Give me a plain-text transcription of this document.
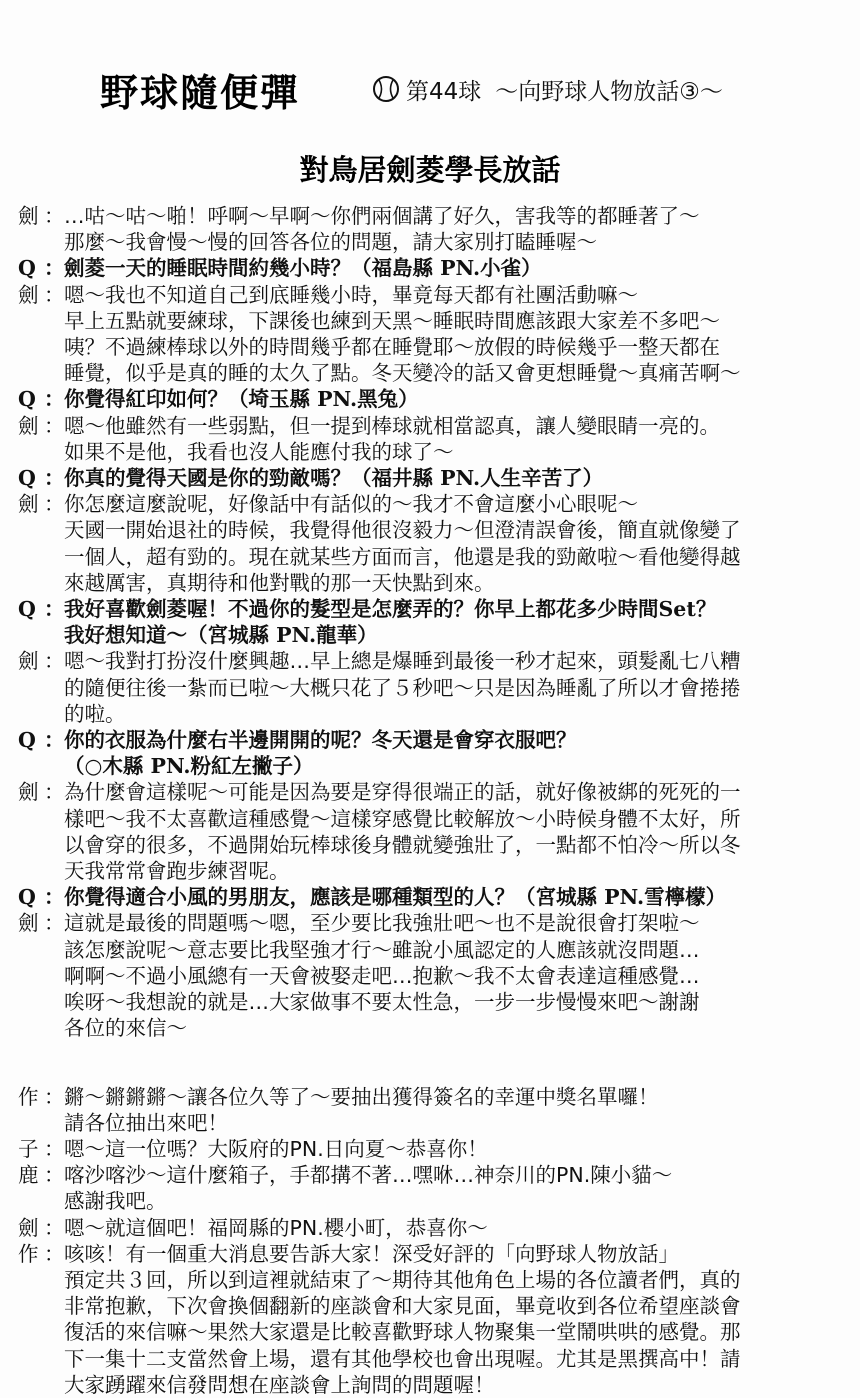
野球隨便彈	第44球 ～向野球人物放話③～
對鳥居劍菱學長放話
劍 ： …咕～咕～啪！呼啊～早啊～你們兩個講了好久，害我等的都睡著了～
那麼～我會慢～慢的回答各位的問題，請大家別打瞌睡喔～
Q ： 劍菱一天的睡眠時間約幾小時？（福島縣 PN.小雀）
劍 ： 嗯～我也不知道自己到底睡幾小時，畢竟每天都有社團活動嘛～
早上五點就要練球，下課後也練到天黑～睡眠時間應該跟大家差不多吧～
咦？不過練棒球以外的時間幾乎都在睡覺耶～放假的時候幾乎一整天都在
睡覺，似乎是真的睡的太久了點。冬天變冷的話又會更想睡覺～真痛苦啊～
Q ： 你覺得紅印如何？（埼玉縣 PN.黑兔）
劍 ： 嗯～他雖然有一些弱點，但一提到棒球就相當認真，讓人變眼睛一亮的。
如果不是他，我看也沒人能應付我的球了～
Q ： 你真的覺得天國是你的勁敵嗎？（福井縣 PN.人生辛苦了）
劍 ： 你怎麼這麼說呢，好像話中有話似的～我才不會這麼小心眼呢～
天國一開始退社的時候，我覺得他很沒毅力～但澄清誤會後，簡直就像變了
一個人，超有勁的。現在就某些方面而言，他還是我的勁敵啦～看他變得越
來越厲害，真期待和他對戰的那一天快點到來。
Q ： 我好喜歡劍菱喔！不過你的髮型是怎麼弄的？你早上都花多少時間Set？
我好想知道～（宮城縣 PN.龍華）
劍 ： 嗯～我對打扮沒什麼興趣…早上總是爆睡到最後一秒才起來，頭髮亂七八糟
的隨便往後一紮而已啦～大概只花了５秒吧～只是因為睡亂了所以才會捲捲
的啦。
Q ： 你的衣服為什麼右半邊開開的呢？冬天還是會穿衣服吧？
（○木縣 PN.粉紅左撇子）
劍 ： 為什麼會這樣呢～可能是因為要是穿得很端正的話，就好像被綁的死死的一
樣吧～我不太喜歡這種感覺～這樣穿感覺比較解放～小時候身體不太好，所
以會穿的很多，不過開始玩棒球後身體就變強壯了，一點都不怕冷～所以冬
天我常常會跑步練習呢。
Q ： 你覺得適合小風的男朋友，應該是哪種類型的人？（宮城縣 PN.雪檸檬）
劍 ： 這就是最後的問題嗎～嗯，至少要比我強壯吧～也不是說很會打架啦～
該怎麼說呢～意志要比我堅強才行～雖說小風認定的人應該就沒問題…
啊啊～不過小風總有一天會被娶走吧…抱歉～我不太會表達這種感覺…
唉呀～我想說的就是…大家做事不要太性急，一步一步慢慢來吧～謝謝
各位的來信～
作 ： 鏘～鏘鏘鏘～讓各位久等了～要抽出獲得簽名的幸運中獎名單囉！
請各位抽出來吧！
子 ： 嗯～這一位嗎？大阪府的PN.日向夏～恭喜你！
鹿 ： 喀沙喀沙～這什麼箱子，手都搆不著…嘿咻…神奈川的PN.陳小貓～
感謝我吧。
劍 ： 嗯～就這個吧！福岡縣的PN.櫻小町，恭喜你～
作 ： 咳咳！有一個重大消息要告訴大家！深受好評的「向野球人物放話」
預定共３回，所以到這裡就結束了～期待其他角色上場的各位讀者們，真的
非常抱歉，下次會換個翻新的座談會和大家見面，畢竟收到各位希望座談會
復活的來信嘛～果然大家還是比較喜歡野球人物聚集一堂鬧哄哄的感覺。那
下一集十二支當然會上場，還有其他學校也會出現喔。尤其是黑撰高中！請
大家踴躍來信發問想在座談會上詢問的問題喔！
